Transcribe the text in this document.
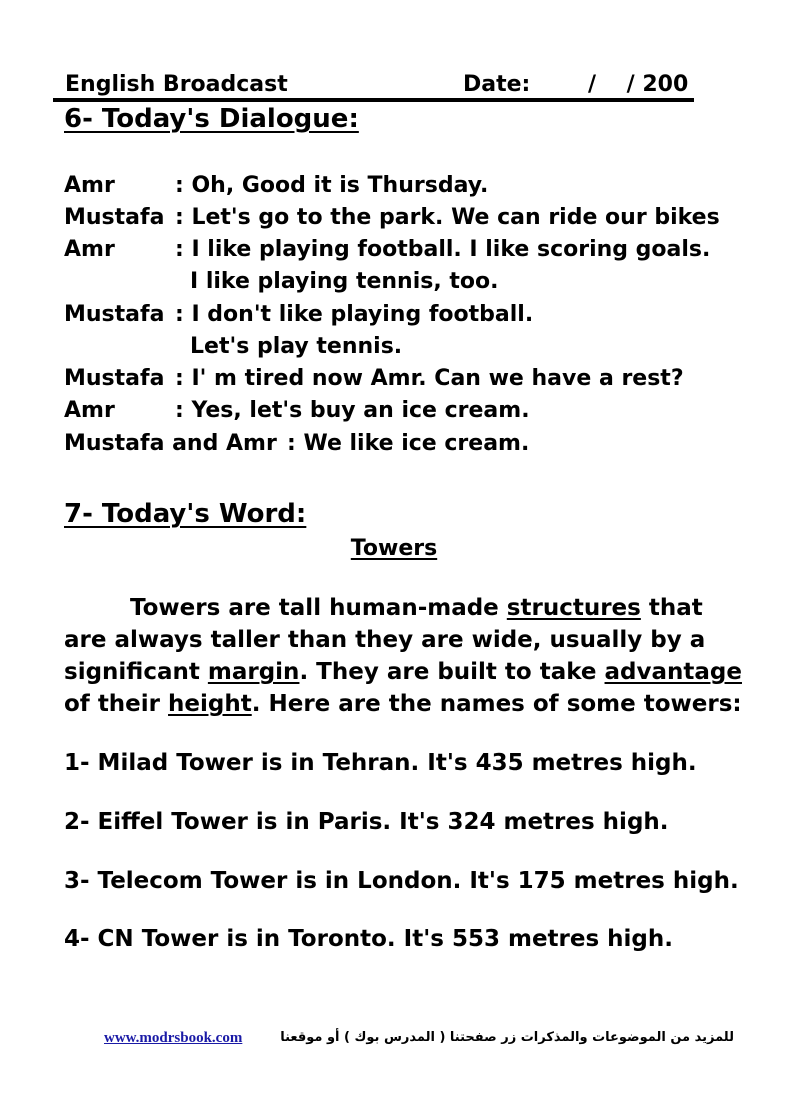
English Broadcast	Date: /    / 200
6- Today's Dialogue:
Amr	: Oh, Good it is Thursday.
Mustafa : Let's go to the park. We can ride our bikes
Amr	: I like playing football. I like scoring goals.
I like playing tennis, too.
Mustafa : I don't like playing football.
Let's play tennis.
Mustafa : I' m tired now Amr. Can we have a rest?
Amr	: Yes, let's buy an ice cream.
Mustafa and Amr : We like ice cream.
7- Today's Word:
Towers
Towers are tall human-made structures that
are always taller than they are wide, usually by a
significant margin. They are built to take advantage
of their height. Here are the names of some towers:
1- Milad Tower is in Tehran. It's 435 metres high.
2- Eiffel Tower is in Paris. It's 324 metres high.
3- Telecom Tower is in London. It's 175 metres high.
4- CN Tower is in Toronto. It's 553 metres high.
www.modrsbook.com	للمزيد من الموضوعات والمذكرات زر صفحتنا ( المدرس بوك ) أو موقعنا
